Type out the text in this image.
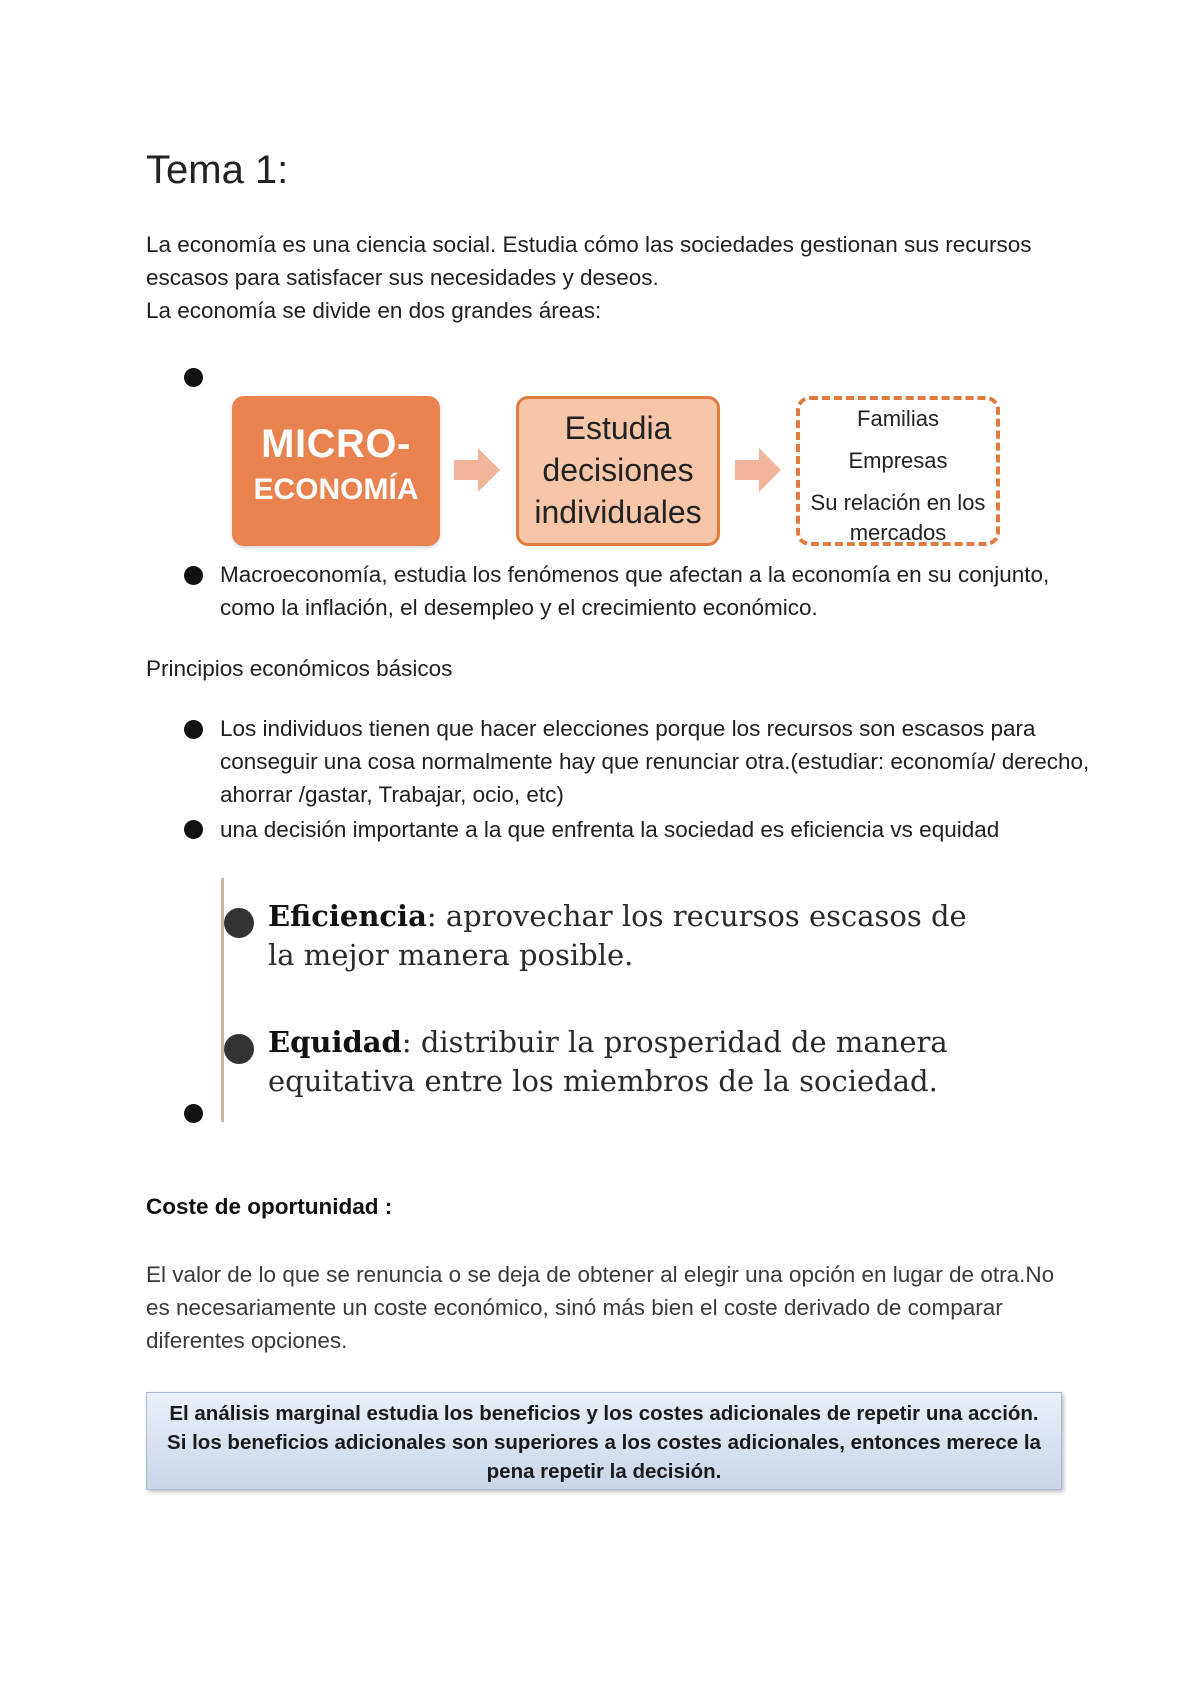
Tema 1:
La economía es una ciencia social. Estudia cómo las sociedades gestionan sus recursos escasos para satisfacer sus necesidades y deseos.
La economía se divide en dos grandes áreas:
MICRO-
ECONOMÍA
Estudia
decisiones
individuales
Familias
Empresas
Su relación en los
mercados
Macroeconomía, estudia los fenómenos que afectan a la economía en su conjunto, como la inflación, el desempleo y el crecimiento económico.
Principios económicos básicos
Los individuos tienen que hacer elecciones porque los recursos son escasos para conseguir una cosa normalmente hay que renunciar otra.(estudiar: economía/ derecho, ahorrar /gastar, Trabajar, ocio, etc)
una decisión importante a la que enfrenta la sociedad es eficiencia vs equidad
Eficiencia: aprovechar los recursos escasos de la mejor manera posible.
Equidad: distribuir la prosperidad de manera equitativa entre los miembros de la sociedad.
Coste de oportunidad :
El valor de lo que se renuncia o se deja de obtener al elegir una opción en lugar de otra.No es necesariamente un coste económico, sinó más bien el coste derivado de comparar diferentes opciones.
El análisis marginal estudia los beneficios y los costes adicionales de repetir una acción. Si los beneficios adicionales son superiores a los costes adicionales, entonces merece la pena repetir la decisión.
